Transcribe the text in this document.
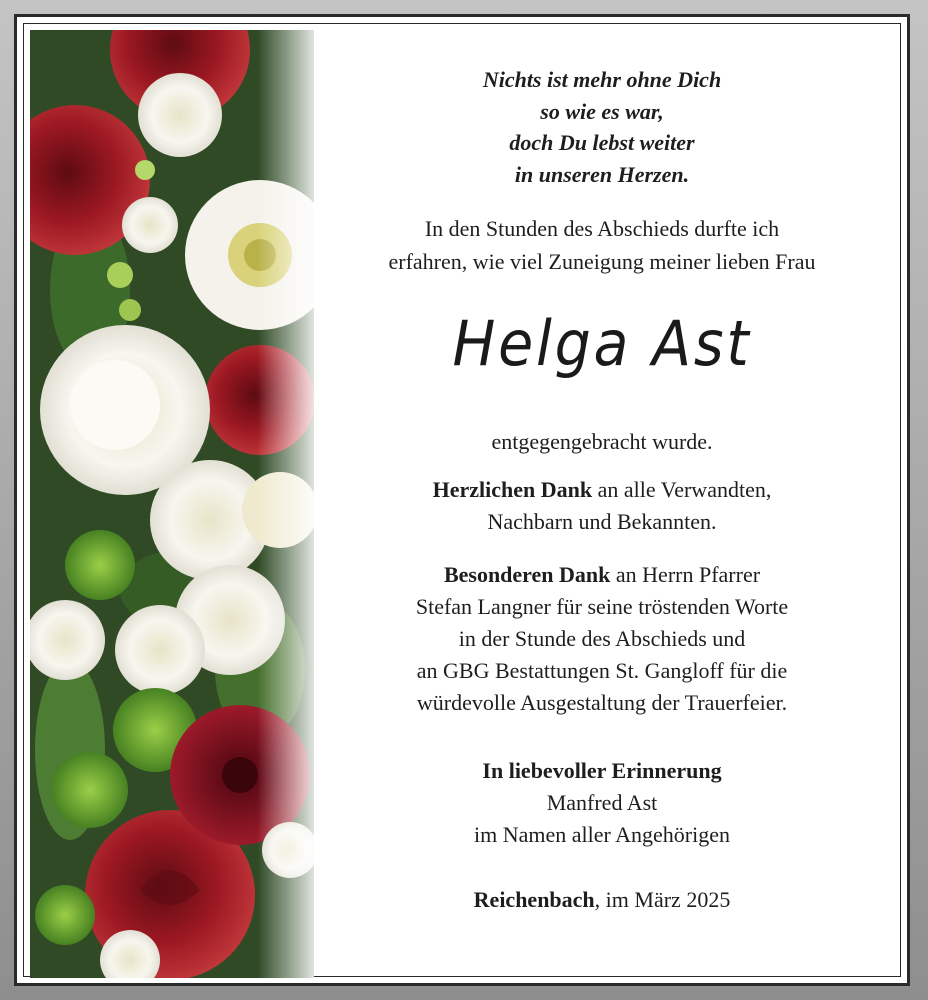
Nichts ist mehr ohne Dich
so wie es war,
doch Du lebst weiter
in unseren Herzen.
In den Stunden des Abschieds durfte ich
erfahren, wie viel Zuneigung meiner lieben Frau
Helga Ast
entgegengebracht wurde.
Herzlichen Dank an alle Verwandten,
Nachbarn und Bekannten.
Besonderen Dank an Herrn Pfarrer
Stefan Langner für seine tröstenden Worte
in der Stunde des Abschieds und
an GBG Bestattungen St. Gangloff für die
würdevolle Ausgestaltung der Trauerfeier.
In liebevoller Erinnerung
Manfred Ast
im Namen aller Angehörigen
Reichenbach, im März 2025
